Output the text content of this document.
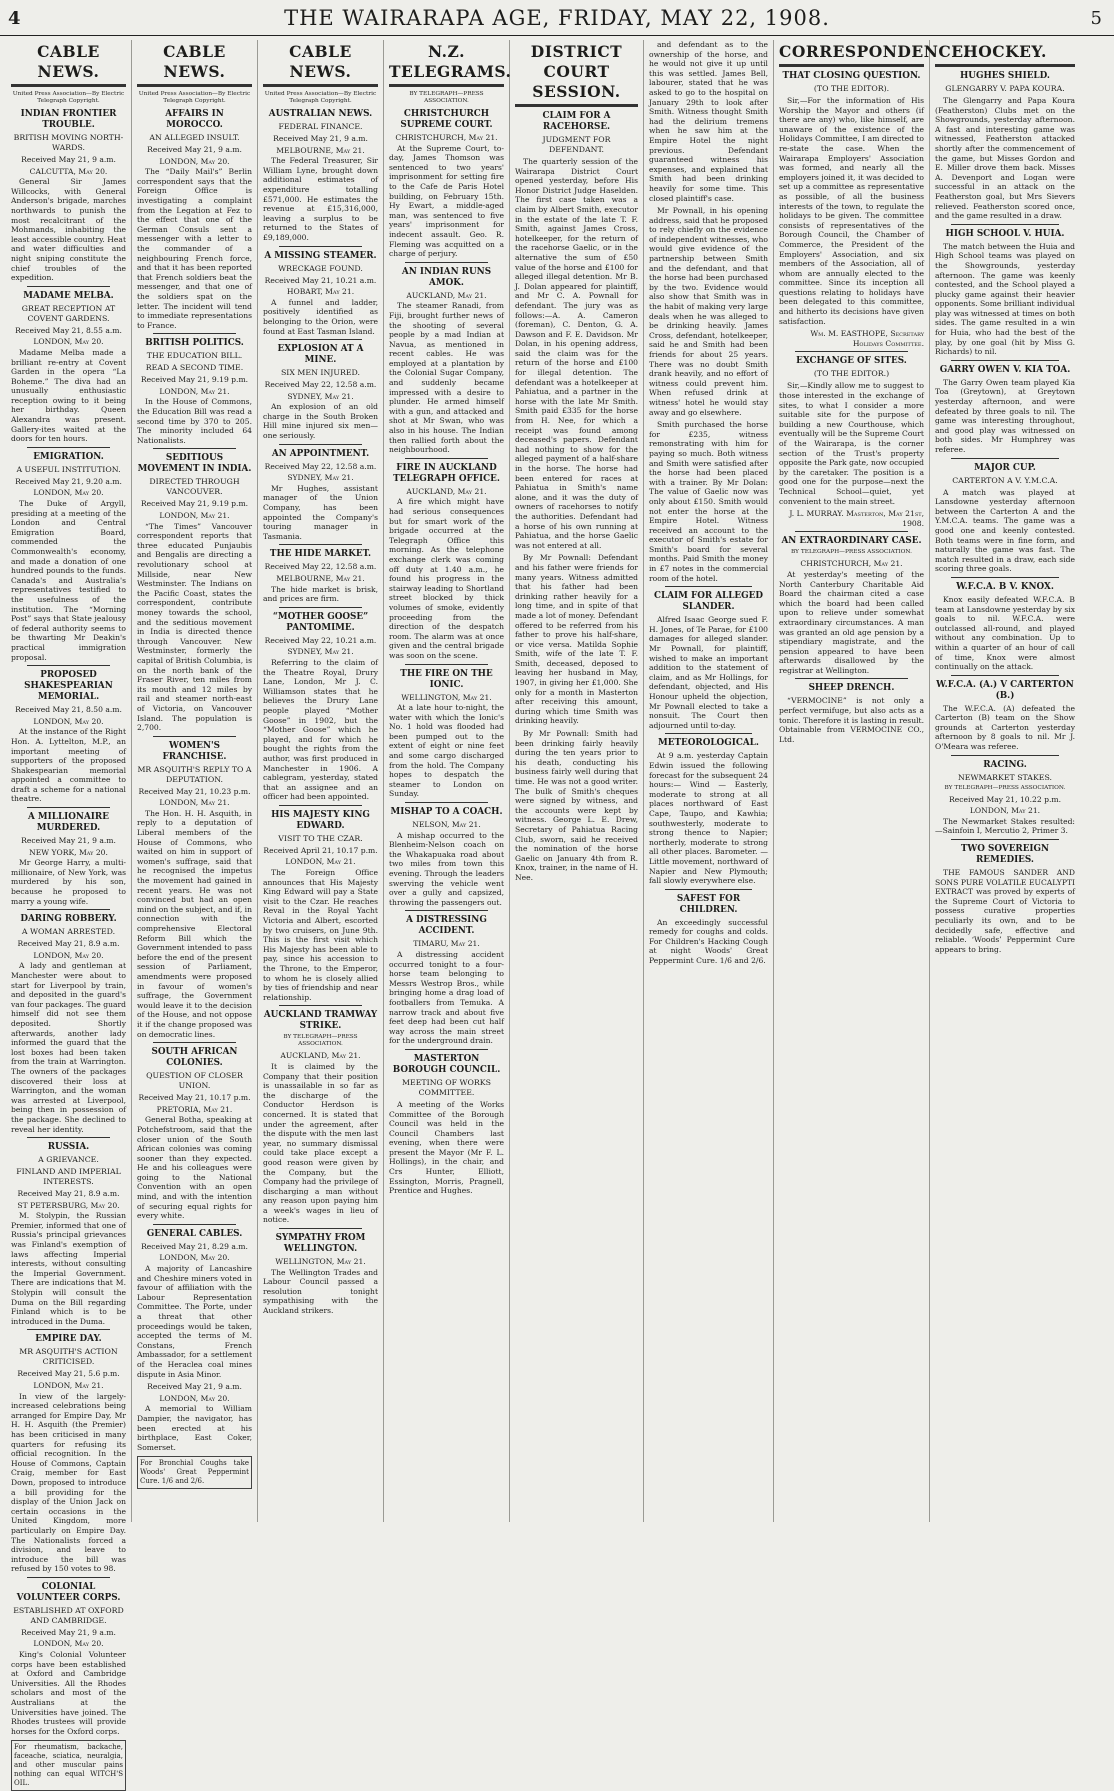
4	THE WAIRARAPA AGE, FRIDAY, MAY 22, 1908.	5
CABLE NEWS.
United Press Association—By Electric Telegraph Copyright.
INDIAN FRONTIER TROUBLE.
BRITISH MOVING NORTH-WARDS.
Received May 21, 9 a.m.
CALCUTTA, May 20.

General Sir James Willcocks, with General Anderson's brigade, marches northwards to punish the most recalcitrant of the Mohmands, inhabiting the least accessible country. Heat and water difficulties and night sniping constitute the chief troubles of the expedition.

MADAME MELBA.
GREAT RECEPTION AT COVENT GARDENS.
Received May 21, 8.55 a.m.
LONDON, May 20.

Madame Melba made a brilliant re-entry at Covent Garden in the opera “La Boheme.” The diva had an unusually enthusiastic reception owing to it being her birthday. Queen Alexandra was present. Gallery-ites waited at the doors for ten hours.

EMIGRATION.
A USEFUL INSTITUTION.
Received May 21, 9.20 a.m.
LONDON, May 20.

The Duke of Argyll, presiding at a meeting of the London and Central Emigration Board, commended the Commonwealth's economy, and made a donation of one hundred pounds to the funds. Canada's and Australia's representatives testified to the usefulness of the institution. The “Morning Post” says that State jealousy of federal authority seems to be thwarting Mr Deakin's practical immigration proposal.

PROPOSED SHAKESPEARIAN MEMORIAL.
Received May 21, 8.50 a.m.
LONDON, May 20.

At the instance of the Right Hon. A. Lyttelton, M.P., an important meeting of supporters of the proposed Shakespearian memorial appointed a committee to draft a scheme for a national theatre.

A MILLIONAIRE MURDERED.
Received May 21, 9 a.m.
NEW YORK, May 20.

Mr George Harry, a multi-millionaire, of New York, was murdered by his son, because he proposed to marry a young wife.

DARING ROBBERY.
A WOMAN ARRESTED.
Received May 21, 8.9 a.m.
LONDON, May 20.

A lady and gentleman at Manchester were about to start for Liverpool by train, and deposited in the guard's van four packages. The guard himself did not see them deposited. Shortly afterwards, another lady informed the guard that the lost boxes had been taken from the train at Warrington. The owners of the packages discovered their loss at Warrington, and the woman was arrested at Liverpool, being then in possession of the package. She declined to reveal her identity.

RUSSIA.
A GRIEVANCE.
FINLAND AND IMPERIAL INTERESTS.
Received May 21, 8.9 a.m.
ST PETERSBURG, May 20.

M. Stolypin, the Russian Premier, informed that one of Russia's principal grievances was Finland's exemption of laws affecting Imperial interests, without consulting the Imperial Government. There are indications that M. Stolypin will consult the Duma on the Bill regarding Finland which is to be introduced in the Duma.

EMPIRE DAY.
MR ASQUITH'S ACTION CRITICISED.
Received May 21, 5.6 p.m.
LONDON, May 21.

In view of the largely-increased celebrations being arranged for Empire Day, Mr H. H. Asquith (the Premier) has been criticised in many quarters for refusing its official recognition. In the House of Commons, Captain Craig, member for East Down, proposed to introduce a bill providing for the display of the Union Jack on certain occasions in the United Kingdom, more particularly on Empire Day. The Nationalists forced a division, and leave to introduce the bill was refused by 150 votes to 98.

COLONIAL VOLUNTEER CORPS.
ESTABLISHED AT OXFORD AND CAMBRIDGE.
Received May 21, 9 a.m.
LONDON, May 20.

King's Colonial Volunteer corps have been established at Oxford and Cambridge Universities. All the Rhodes scholars and most of the Australians at the Universities have joined. The Rhodes trustees will provide horses for the Oxford corps.

For rheumatism, backache, faceache, sciatica, neuralgia, and other muscular pains nothing can equal WITCH'S OIL.
CABLE NEWS.
United Press Association—By Electric Telegraph Copyright.
AFFAIRS IN MOROCCO.
AN ALLEGED INSULT.
Received May 21, 9 a.m.
LONDON, May 20.

The “Daily Mail's” Berlin correspondent says that the Foreign Office is investigating a complaint from the Legation at Fez to the effect that one of the German Consuls sent a messenger with a letter to the commander of a neighbouring French force, and that it has been reported that French soldiers beat the messenger, and that one of the soldiers spat on the letter. The incident will tend to immediate representations to France.

BRITISH POLITICS.
THE EDUCATION BILL.
READ A SECOND TIME.
Received May 21, 9.19 p.m.
LONDON, May 21.

In the House of Commons, the Education Bill was read a second time by 370 to 205. The minority included 64 Nationalists.

SEDITIOUS MOVEMENT IN INDIA.
DIRECTED THROUGH VANCOUVER.
Received May 21, 9.19 p.m.
LONDON, May 21.

“The Times” Vancouver correspondent reports that three educated Punjaubis and Bengalis are directing a revolutionary school at Millside, near New Westminster. The Indians on the Pacific Coast, states the correspondent, contribute money towards the school, and the seditious movement in India is directed thence through Vancouver. New Westminster, formerly the capital of British Columbia, is on the north bank of the Fraser River, ten miles from its mouth and 12 miles by rail and steamer north-east of Victoria, on Vancouver Island. The population is 2,700.

WOMEN'S FRANCHISE.
MR ASQUITH'S REPLY TO A DEPUTATION.
Received May 21, 10.23 p.m.
LONDON, May 21.

The Hon. H. H. Asquith, in reply to a deputation of Liberal members of the House of Commons, who waited on him in support of women's suffrage, said that he recognised the impetus the movement had gained in recent years. He was not convinced but had an open mind on the subject, and if, in connection with the comprehensive Electoral Reform Bill which the Government intended to pass before the end of the present session of Parliament, amendments were proposed in favour of women's suffrage, the Government would leave it to the decision of the House, and not oppose it if the change proposed was on democratic lines.

SOUTH AFRICAN COLONIES.
QUESTION OF CLOSER UNION.
Received May 21, 10.17 p.m.
PRETORIA, May 21.

General Botha, speaking at Potchefstroom, said that the closer union of the South African colonies was coming sooner than they expected. He and his colleagues were going to the National Convention with an open mind, and with the intention of securing equal rights for every white.

GENERAL CABLES.
Received May 21, 8.29 a.m.
LONDON, May 20.

A majority of Lancashire and Cheshire miners voted in favour of affiliation with the Labour Representation Committee. The Porte, under a threat that other proceedings would be taken, accepted the terms of M. Constans, French Ambassador, for a settlement of the Heraclea coal mines dispute in Asia Minor.

Received May 21, 9 a.m.
LONDON, May 20.

A memorial to William Dampier, the navigator, has been erected at his birthplace, East Coker, Somerset.

For Bronchial Coughs take Woods' Great Peppermint Cure. 1/6 and 2/6.
CABLE NEWS.
United Press Association—By Electric Telegraph Copyright.
AUSTRALIAN NEWS.
FEDERAL FINANCE.
Received May 21, 9 a.m.
MELBOURNE, May 21.

The Federal Treasurer, Sir William Lyne, brought down additional estimates of expenditure totalling £571,000. He estimates the revenue at £15,316,000, leaving a surplus to be returned to the States of £9,189,000.

A MISSING STEAMER.
WRECKAGE FOUND.
Received May 21, 10.21 a.m.
HOBART, May 21.

A funnel and ladder, positively identified as belonging to the Orion, were found at East Tasman Island.

EXPLOSION AT A MINE.
SIX MEN INJURED.
Received May 22, 12.58 a.m.
SYDNEY, May 21.

An explosion of an old charge in the South Broken Hill mine injured six men—one seriously.

AN APPOINTMENT.
Received May 22, 12.58 a.m.
SYDNEY, May 21.

Mr Hughes, assistant manager of the Union Company, has been appointed the Company's touring manager in Tasmania.

THE HIDE MARKET.
Received May 22, 12.58 a.m.
MELBOURNE, May 21.

The hide market is brisk, and prices are firm.

“MOTHER GOOSE” PANTOMIME.
Received May 22, 10.21 a.m.
SYDNEY, May 21.

Referring to the claim of the Theatre Royal, Drury Lane, London, Mr J. C. Williamson states that he believes the Drury Lane people played “Mother Goose” in 1902, but the “Mother Goose” which he played, and for which he bought the rights from the author, was first produced in Manchester in 1906. A cablegram, yesterday, stated that an assignee and an officer had been appointed.

HIS MAJESTY KING EDWARD.
VISIT TO THE CZAR.
Received April 21, 10.17 p.m.
LONDON, May 21.

The Foreign Office announces that His Majesty King Edward will pay a State visit to the Czar. He reaches Reval in the Royal Yacht Victoria and Albert, escorted by two cruisers, on June 9th. This is the first visit which His Majesty has been able to pay, since his accession to the Throne, to the Emperor, to whom he is closely allied by ties of friendship and near relationship.

AUCKLAND TRAMWAY STRIKE.
BY TELEGRAPH—PRESS ASSOCIATION.
AUCKLAND, May 21.

It is claimed by the Company that their position is unassailable in so far as the discharge of the Conductor Herdson is concerned. It is stated that under the agreement, after the dispute with the men last year, no summary dismissal could take place except a good reason were given by the Company, but the Company had the privilege of discharging a man without any reason upon paying him a week's wages in lieu of notice.

SYMPATHY FROM WELLINGTON.
WELLINGTON, May 21.

The Wellington Trades and Labour Council passed a resolution tonight sympathising with the Auckland strikers.

N.Z. TELEGRAMS.
BY TELEGRAPH—PRESS ASSOCIATION.
CHRISTCHURCH SUPREME COURT.
CHRISTCHURCH, May 21.

At the Supreme Court, to-day, James Thomson was sentenced to two years' imprisonment for setting fire to the Cafe de Paris Hotel building, on February 15th. Hy Ewart, a middle-aged man, was sentenced to five years' imprisonment for indecent assault. Geo. R. Fleming was acquitted on a charge of perjury.

AN INDIAN RUNS AMOK.
AUCKLAND, May 21.

The steamer Ranadi, from Fiji, brought further news of the shooting of several people by a mad Indian at Navua, as mentioned in recent cables. He was employed at a plantation by the Colonial Sugar Company, and suddenly became impressed with a desire to plunder. He armed himself with a gun, and attacked and shot at Mr Swan, who was also in his house. The Indian then rallied forth about the neighbourhood.

FIRE IN AUCKLAND TELEGRAPH OFFICE.
AUCKLAND, May 21.

A fire which might have had serious consequences but for smart work of the brigade occurred at the Telegraph Office this morning. As the telephone exchange clerk was coming off duty at 1.40 a.m., he found his progress in the stairway leading to Shortland street blocked by thick volumes of smoke, evidently proceeding from the direction of the despatch room. The alarm was at once given and the central brigade was soon on the scene.

THE FIRE ON THE IONIC.
WELLINGTON, May 21.

At a late hour to-night, the water with which the Ionic's No. 1 hold was flooded had been pumped out to the extent of eight or nine feet and some cargo discharged from the hold. The Company hopes to despatch the steamer to London on Sunday.

MISHAP TO A COACH.
NELSON, May 21.

A mishap occurred to the Blenheim-Nelson coach on the Whakapuaka road about two miles from town this evening. Through the leaders swerving the vehicle went over a gully and capsized, throwing the passengers out.

A DISTRESSING ACCIDENT.
TIMARU, May 21.

A distressing accident occurred tonight to a four-horse team belonging to Messrs Westrop Bros., while bringing home a drag load of footballers from Temuka. A narrow track and about five feet deep had been cut half way across the main street for the underground drain.

MASTERTON BOROUGH COUNCIL.
MEETING OF WORKS COMMITTEE.

A meeting of the Works Committee of the Borough Council was held in the Council Chambers last evening, when there were present the Mayor (Mr F. L. Hollings), in the chair, and Crs Hunter, Elliott, Essington, Morris, Pragnell, Prentice and Hughes.

DISTRICT COURT SESSION.
CLAIM FOR A RACEHORSE.
JUDGMENT FOR DEFENDANT.

The quarterly session of the Wairarapa District Court opened yesterday, before His Honor District Judge Haselden. The first case taken was a claim by Albert Smith, executor in the estate of the late T. F. Smith, against James Cross, hotelkeeper, for the return of the racehorse Gaelic, or in the alternative the sum of £50 value of the horse and £100 for alleged illegal detention. Mr B. J. Dolan appeared for plaintiff, and Mr C. A. Pownall for defendant. The jury was as follows:—A. A. Cameron (foreman), C. Denton, G. A. Dawson and F. E. Davidson. Mr Dolan, in his opening address, said the claim was for the return of the horse and £100 for illegal detention. The defendant was a hotelkeeper at Pahiatua, and a partner in the horse with the late Mr Smith. Smith paid £335 for the horse from H. Nee, for which a receipt was found among deceased's papers. Defendant had nothing to show for the alleged payment of a half-share in the horse. The horse had been entered for races at Pahiatua in Smith's name alone, and it was the duty of owners of racehorses to notify the authorities. Defendant had a horse of his own running at Pahiatua, and the horse Gaelic was not entered at all.

By Mr Pownall: Defendant and his father were friends for many years. Witness admitted that his father had been drinking rather heavily for a long time, and in spite of that made a lot of money. Defendant offered to be referred from his father to prove his half-share, or vice versa. Matilda Sophie Smith, wife of the late T. F. Smith, deceased, deposed to leaving her husband in May, 1907, in giving her £1,000. She only for a month in Masterton after receiving this amount, during which time Smith was drinking heavily.

By Mr Pownall: Smith had been drinking fairly heavily during the ten years prior to his death, conducting his business fairly well during that time. He was not a good writer. The bulk of Smith's cheques were signed by witness, and the accounts were kept by witness. George L. E. Drew, Secretary of Pahiatua Racing Club, sworn, said he received the nomination of the horse Gaelic on January 4th from R. Knox, trainer, in the name of H. Nee.

and defendant as to the ownership of the horse, and he would not give it up until this was settled. James Bell, labourer, stated that he was asked to go to the hospital on January 29th to look after Smith. Witness thought Smith had the delirium tremens when he saw him at the Empire Hotel the night previous. Defendant guaranteed witness his expenses, and explained that Smith had been drinking heavily for some time. This closed plaintiff's case.

Mr Pownall, in his opening address, said that he proposed to rely chiefly on the evidence of independent witnesses, who would give evidence of the partnership between Smith and the defendant, and that the horse had been purchased by the two. Evidence would also show that Smith was in the habit of making very large deals when he was alleged to be drinking heavily. James Cross, defendant, hotelkeeper, said he and Smith had been friends for about 25 years. There was no doubt Smith drank heavily, and no effort of witness could prevent him. When refused drink at witness' hotel he would stay away and go elsewhere.

Smith purchased the horse for £235, witness remonstrating with him for paying so much. Both witness and Smith were satisfied after the horse had been placed with a trainer. By Mr Dolan: The value of Gaelic now was only about £150. Smith would not enter the horse at the Empire Hotel. Witness received an account to the executor of Smith's estate for Smith's board for several months. Paid Smith the money in £7 notes in the commercial room of the hotel.

CLAIM FOR ALLEGED SLANDER.

Alfred Isaac George sued F. H. Jones, of Te Parae, for £100 damages for alleged slander. Mr Pownall, for plaintiff, wished to make an important addition to the statement of claim, and as Mr Hollings, for defendant, objected, and His Honour upheld the objection, Mr Pownall elected to take a nonsuit. The Court then adjourned until to-day.

METEOROLOGICAL.

At 9 a.m. yesterday Captain Edwin issued the following forecast for the subsequent 24 hours:— Wind — Easterly, moderate to strong at all places northward of East Cape, Taupo, and Kawhia; southwesterly, moderate to strong thence to Napier; northerly, moderate to strong all other places. Barometer. — Little movement, northward of Napier and New Plymouth; fall slowly everywhere else.

SAFEST FOR CHILDREN.

An exceedingly successful remedy for coughs and colds. For Children's Hacking Cough at night Woods' Great Peppermint Cure. 1/6 and 2/6.

CORRESPONDENCE.
THAT CLOSING QUESTION.
(TO THE EDITOR).

Sir,—For the information of His Worship the Mayor and others (if there are any) who, like himself, are unaware of the existence of the Holidays Committee, I am directed to re-state the case. When the Wairarapa Employers' Association was formed, and nearly all the employers joined it, it was decided to set up a committee as representative as possible, of all the business interests of the town, to regulate the holidays to be given. The committee consists of representatives of the Borough Council, the Chamber of Commerce, the President of the Employers' Association, and six members of the Association, all of whom are annually elected to the committee. Since its inception all questions relating to holidays have been delegated to this committee, and hitherto its decisions have given satisfaction.

Wm. M. EASTHOPE, Secretary Holidays Committee.
EXCHANGE OF SITES.
(TO THE EDITOR.)

Sir,—Kindly allow me to suggest to those interested in the exchange of sites, to what I consider a more suitable site for the purpose of building a new Courthouse, which eventually will be the Supreme Court of the Wairarapa, is the corner section of the Trust's property opposite the Park gate, now occupied by the caretaker. The position is a good one for the purpose—next the Technical School—quiet, yet convenient to the main street.

J. L. MURRAY. Masterton, May 21st, 1908.
AN EXTRAORDINARY CASE.
BY TELEGRAPH—PRESS ASSOCIATION.
CHRISTCHURCH, May 21.

At yesterday's meeting of the North Canterbury Charitable Aid Board the chairman cited a case which the board had been called upon to relieve under somewhat extraordinary circumstances. A man was granted an old age pension by a stipendiary magistrate, and the pension appeared to have been afterwards disallowed by the registrar at Wellington.

SHEEP DRENCH.

“VERMOCINE” is not only a perfect vermifuge, but also acts as a tonic. Therefore it is lasting in result. Obtainable from VERMOCINE CO., Ltd.

HOCKEY.
HUGHES SHIELD.
GLENGARRY V. PAPA KOURA.

The Glengarry and Papa Koura (Featherston) Clubs met on the Showgrounds, yesterday afternoon. A fast and interesting game was witnessed, Featherston attacked shortly after the commencement of the game, but Misses Gordon and E. Miller drove them back. Misses A. Devenport and Logan were successful in an attack on the Featherston goal, but Mrs Sievers relieved. Featherston scored once, and the game resulted in a draw.

HIGH SCHOOL V. HUIA.

The match between the Huia and High School teams was played on the Showgrounds, yesterday afternoon. The game was keenly contested, and the School played a plucky game against their heavier opponents. Some brilliant individual play was witnessed at times on both sides. The game resulted in a win for Huia, who had the best of the play, by one goal (hit by Miss G. Richards) to nil.

GARRY OWEN V. KIA TOA.

The Garry Owen team played Kia Toa (Greytown), at Greytown yesterday afternoon, and were defeated by three goals to nil. The game was interesting throughout, and good play was witnessed on both sides. Mr Humphrey was referee.

MAJOR CUP.
CARTERTON A V. Y.M.C.A.

A match was played at Lansdowne yesterday afternoon between the Carterton A and the Y.M.C.A. teams. The game was a good one and keenly contested. Both teams were in fine form, and naturally the game was fast. The match resulted in a draw, each side scoring three goals.

W.F.C.A. B V. KNOX.

Knox easily defeated W.F.C.A. B team at Lansdowne yesterday by six goals to nil. W.F.C.A. were outclassed all-round, and played without any combination. Up to within a quarter of an hour of call of time, Knox were almost continually on the attack.

W.F.C.A. (A.) V CARTERTON (B.)

The W.F.C.A. (A) defeated the Carterton (B) team on the Show grounds at Carterton yesterday afternoon by 8 goals to nil. Mr J. O'Meara was referee.

RACING.
NEWMARKET STAKES.
BY TELEGRAPH—PRESS ASSOCIATION.
Received May 21, 10.22 p.m.
LONDON, May 21.

The Newmarket Stakes resulted:—Sainfoin I, Mercutio 2, Primer 3.

TWO SOVEREIGN REMEDIES.

THE FAMOUS SANDER AND SONS PURE VOLATILE EUCALYPTI EXTRACT was proved by experts of the Supreme Court of Victoria to possess curative properties peculiarly its own, and to be decidedly safe, effective and reliable. ‘Woods’ Peppermint Cure appears to bring.
